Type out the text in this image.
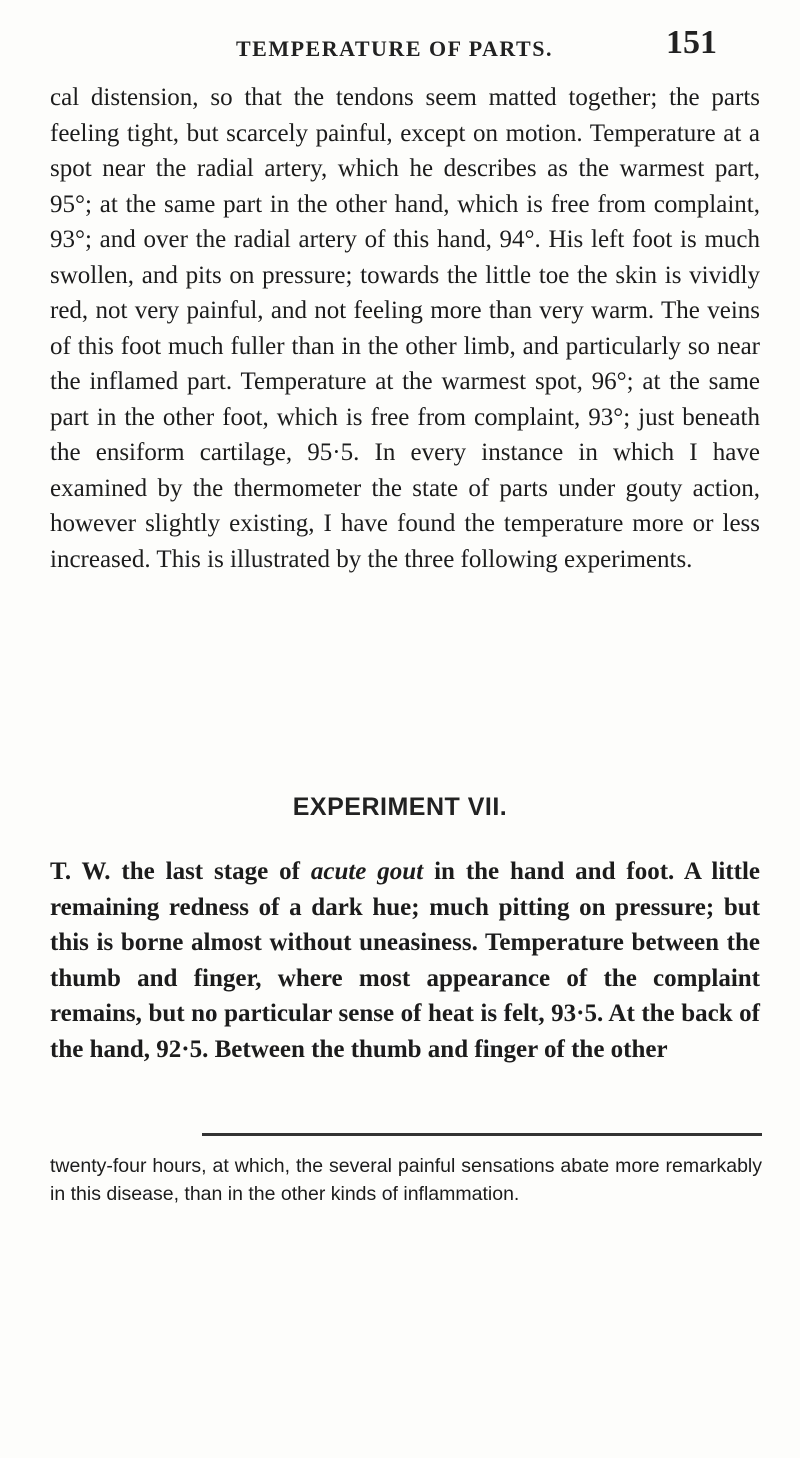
TEMPERATURE OF PARTS.	151

cal distension, so that the tendons seem matted together; the parts feeling tight, but scarcely painful, except on motion. Temperature at a spot near the radial artery, which he describes as the warmest part, 95°; at the same part in the other hand, which is free from complaint, 93°; and over the radial artery of this hand, 94°. His left foot is much swollen, and pits on pressure; towards the little toe the skin is vividly red, not very painful, and not feeling more than very warm. The veins of this foot much fuller than in the other limb, and particularly so near the inflamed part. Temperature at the warmest spot, 96°; at the same part in the other foot, which is free from complaint, 93°; just beneath the ensiform cartilage, 95·5. In every instance in which I have examined by the thermometer the state of parts under gouty action, however slightly existing, I have found the temperature more or less increased. This is illustrated by the three following experiments.

EXPERIMENT VII.

T. W. the last stage of acute gout in the hand and foot. A little remaining redness of a dark hue; much pitting on pressure; but this is borne almost without uneasiness. Temperature between the thumb and finger, where most appearance of the complaint remains, but no particular sense of heat is felt, 93·5. At the back of the hand, 92·5. Between the thumb and finger of the other

twenty-four hours, at which, the several painful sensations abate more remarkably in this disease, than in the other kinds of inflammation.
